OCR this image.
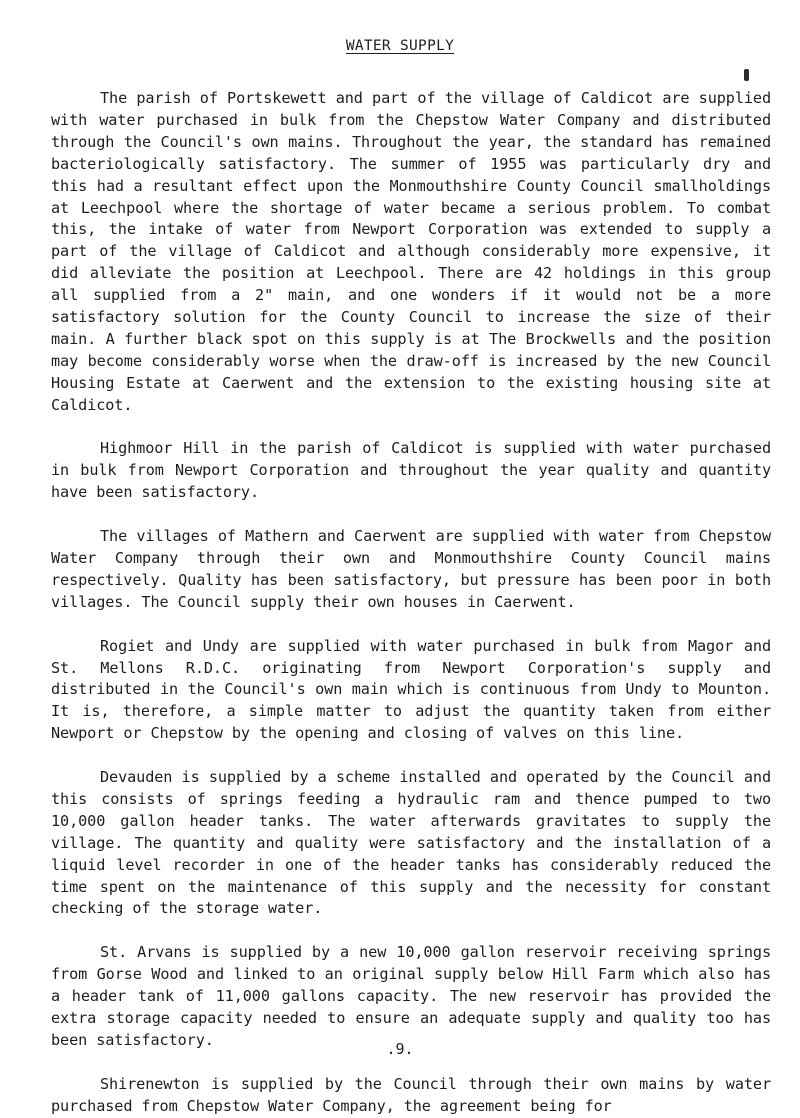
WATER SUPPLY

The parish of Portskewett and part of the village of Caldicot are supplied with water purchased in bulk from the Chepstow Water Company and distributed through the Council's own mains. Throughout the year, the standard has remained bacteriologically satisfactory. The summer of 1955 was particularly dry and this had a resultant effect upon the Monmouthshire County Council smallholdings at Leechpool where the shortage of water became a serious problem. To combat this, the intake of water from Newport Corporation was extended to supply a part of the village of Caldicot and although considerably more expensive, it did alleviate the position at Leechpool. There are 42 holdings in this group all supplied from a 2" main, and one wonders if it would not be a more satisfactory solution for the County Council to increase the size of their main. A further black spot on this supply is at The Brockwells and the position may become considerably worse when the draw-off is increased by the new Council Housing Estate at Caerwent and the extension to the existing housing site at Caldicot.

Highmoor Hill in the parish of Caldicot is supplied with water purchased in bulk from Newport Corporation and throughout the year quality and quantity have been satisfactory.

The villages of Mathern and Caerwent are supplied with water from Chepstow Water Company through their own and Monmouthshire County Council mains respectively. Quality has been satisfactory, but pressure has been poor in both villages. The Council supply their own houses in Caerwent.

Rogiet and Undy are supplied with water purchased in bulk from Magor and St. Mellons R.D.C. originating from Newport Corporation's supply and distributed in the Council's own main which is continuous from Undy to Mounton. It is, therefore, a simple matter to adjust the quantity taken from either Newport or Chepstow by the opening and closing of valves on this line.

Devauden is supplied by a scheme installed and operated by the Council and this consists of springs feeding a hydraulic ram and thence pumped to two 10,000 gallon header tanks. The water afterwards gravitates to supply the village. The quantity and quality were satisfactory and the installation of a liquid level recorder in one of the header tanks has considerably reduced the time spent on the maintenance of this supply and the necessity for constant checking of the storage water.

St. Arvans is supplied by a new 10,000 gallon reservoir receiving springs from Gorse Wood and linked to an original supply below Hill Farm which also has a header tank of 11,000 gallons capacity. The new reservoir has provided the extra storage capacity needed to ensure an adequate supply and quality too has been satisfactory.

Shirenewton is supplied by the Council through their own mains by water purchased from Chepstow Water Company, the agreement being for

.9.
